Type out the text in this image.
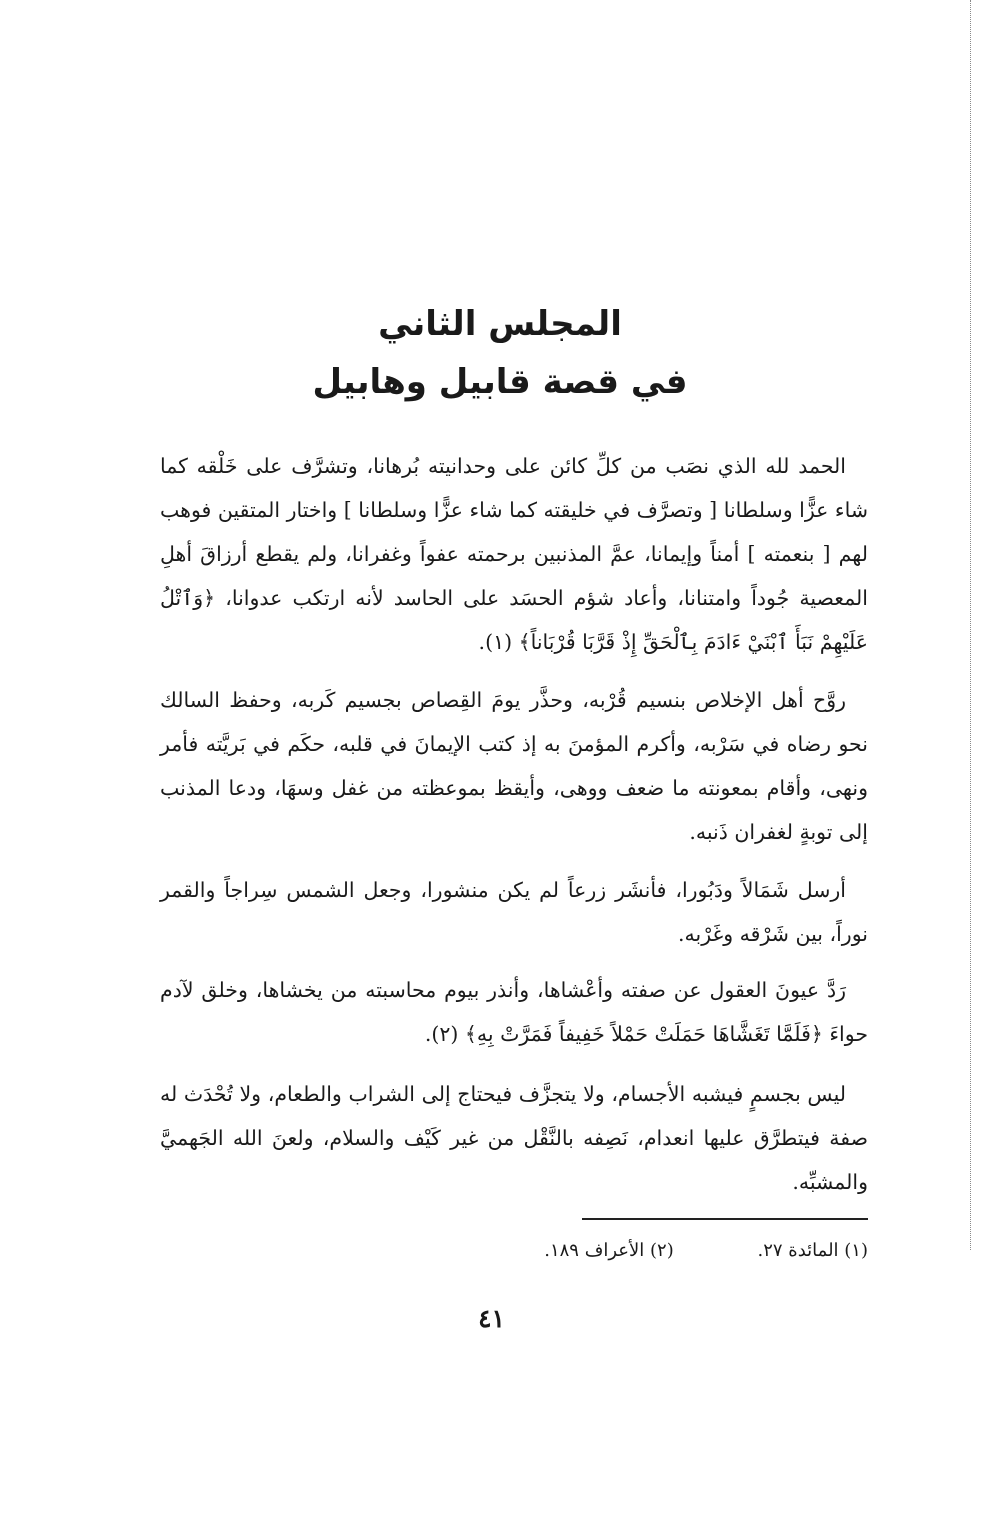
المجلس الثاني
في قصة قابيل وهابيل

الحمد لله الذي نصَب من كلِّ كائن على وحدانيته بُرهانا، وتشرَّف على خَلْقه كما شاء عزًّا وسلطانا [ وتصرَّف في خليقته كما شاء عزًّا وسلطانا ] واختار المتقين فوهب لهم [ بنعمته ] أمناً وإيمانا، عمَّ المذنبين برحمته عفواً وغفرانا، ولم يقطع أرزاقَ أهلِ المعصية جُوداً وامتنانا، وأعاد شؤم الحسَد على الحاسد لأنه ارتكب عدوانا، ﴿وَٱتْلُ عَلَيْهِمْ نَبَأَ ٱبْنَيْ ءَادَمَ بِٱلْحَقِّ إِذْ قَرَّبَا قُرْبَاناً﴾ (١).

روَّح أهل الإخلاص بنسيم قُرْبه، وحذَّر يومَ القِصاص بجسيم كَربه، وحفظ السالك نحو رضاه في سَرْبه، وأكرم المؤمنَ به إذ كتب الإيمانَ في قلبه، حكَم في بَريَّته فأمر ونهى، وأقام بمعونته ما ضعف ووهى، وأيقظ بموعظته من غفل وسهَا، ودعا المذنب إلى توبةٍ لغفران ذَنبه.

أرسل شَمَالاً ودَبُورا، فأنشَر زرعاً لم يكن منشورا، وجعل الشمس سِراجاً والقمر نوراً، بين شَرْقه وغَرْبه.

رَدَّ عيونَ العقول عن صفته وأعْشاها، وأنذر بيوم محاسبته من يخشاها، وخلق لآدم حواءَ ﴿فَلَمَّا تَغَشَّاهَا حَمَلَتْ حَمْلاً خَفِيفاً فَمَرَّتْ بِهِ﴾ (٢).

ليس بجسمٍ فيشبه الأجسام، ولا يتجزَّف فيحتاج إلى الشراب والطعام، ولا تُحْدَث له صفة فيتطرَّق عليها انعدام، نَصِفه بالنَّقْل من غير كَيْف والسلام، ولعنَ الله الجَهميَّ والمشبِّه.

(١) المائدة ٢٧. (٢) الأعراف ١٨٩.
٤١
